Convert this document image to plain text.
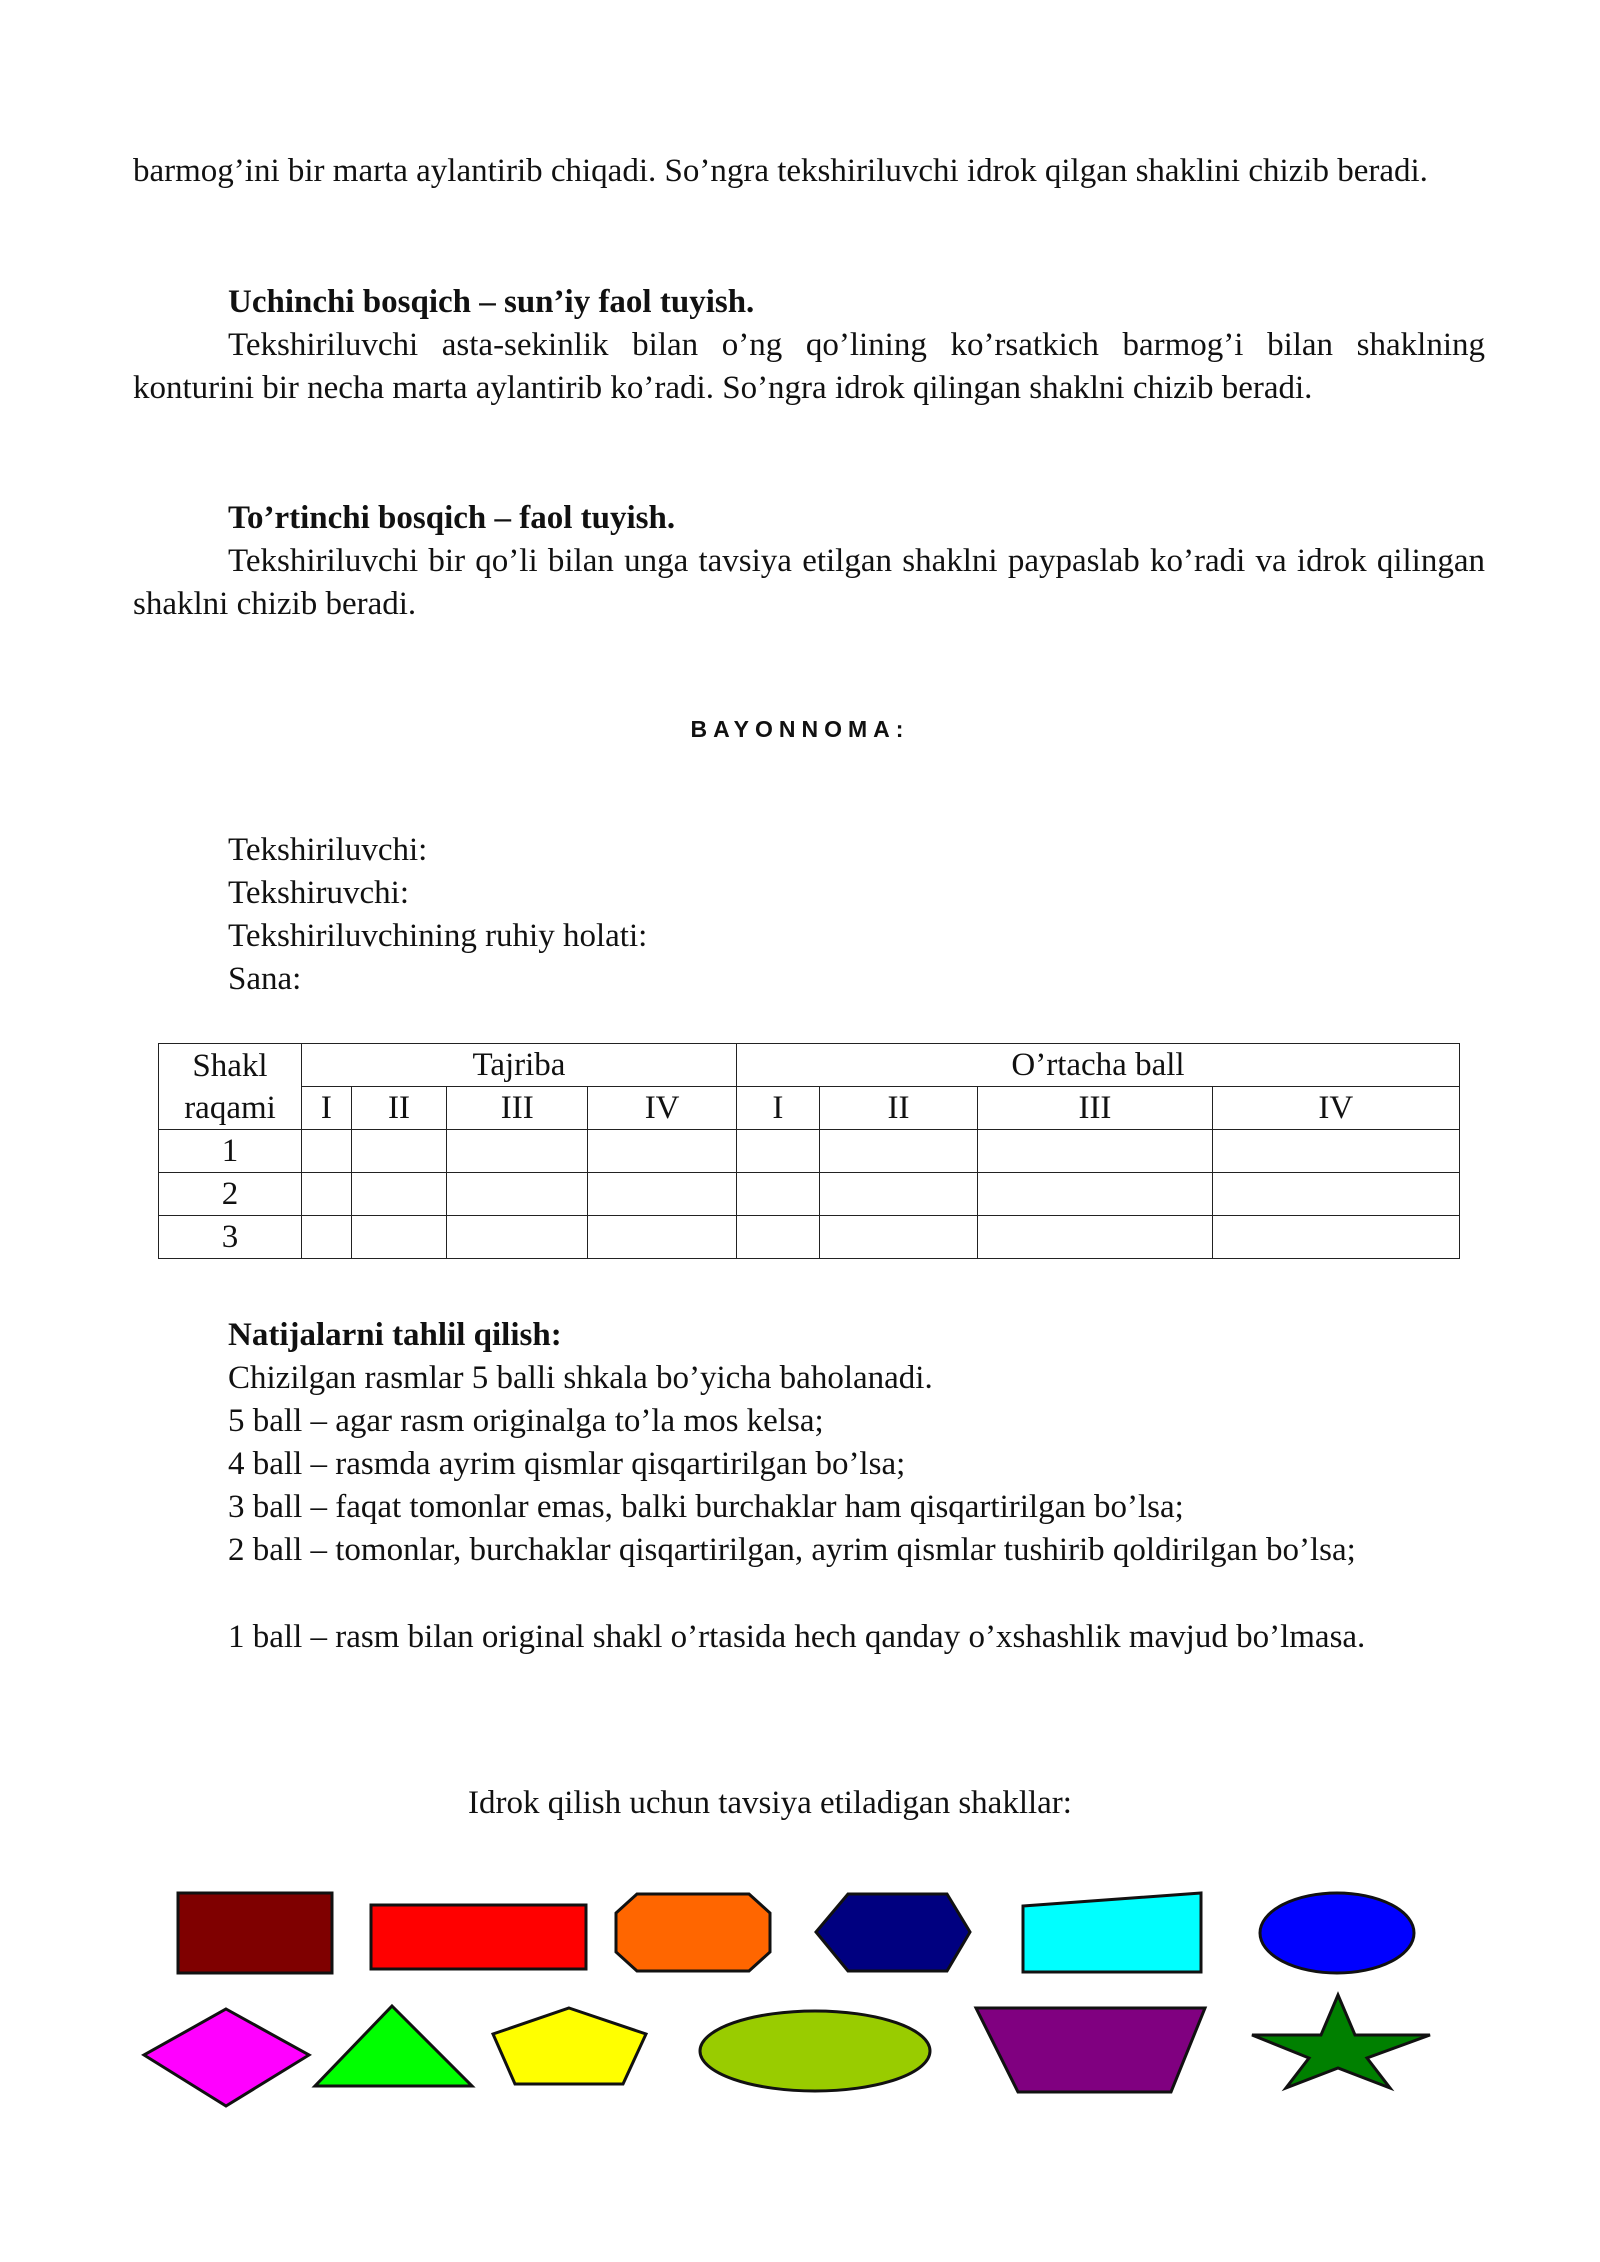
barmog’ini bir marta aylantirib chiqadi. So’ngra tekshiriluvchi idrok qilgan shaklini chizib beradi.

Uchinchi bosqich – sun’iy faol tuyish.

Tekshiriluvchi asta-sekinlik bilan o’ng qo’lining ko’rsatkich barmog’i bilan shaklning konturini bir necha marta aylantirib ko’radi. So’ngra idrok qilingan shaklni chizib beradi.

To’rtinchi bosqich – faol tuyish.

Tekshiriluvchi bir qo’li bilan unga tavsiya etilgan shaklni paypaslab ko’radi va idrok qilingan shaklni chizib beradi.

BAYONNOMA:

Tekshiriluvchi:

Tekshiruvchi:

Tekshiriluvchining ruhiy holati:

Sana:

Shakl
raqami	Tajriba				O’rtacha ball			
	I	II	III	IV	I	II	III	IV
1								
2								
3								

Natijalarni tahlil qilish:

Chizilgan rasmlar 5 balli shkala bo’yicha baholanadi.

5 ball – agar rasm originalga to’la mos kelsa;

4 ball – rasmda ayrim qismlar qisqartirilgan bo’lsa;

3 ball – faqat tomonlar emas, balki burchaklar ham qisqartirilgan bo’lsa;

2 ball – tomonlar, burchaklar qisqartirilgan, ayrim qismlar tushirib qoldirilgan bo’lsa;

1 ball – rasm bilan original shakl o’rtasida hech qanday o’xshashlik mavjud bo’lmasa.

Idrok qilish uchun tavsiya etiladigan shakllar:
